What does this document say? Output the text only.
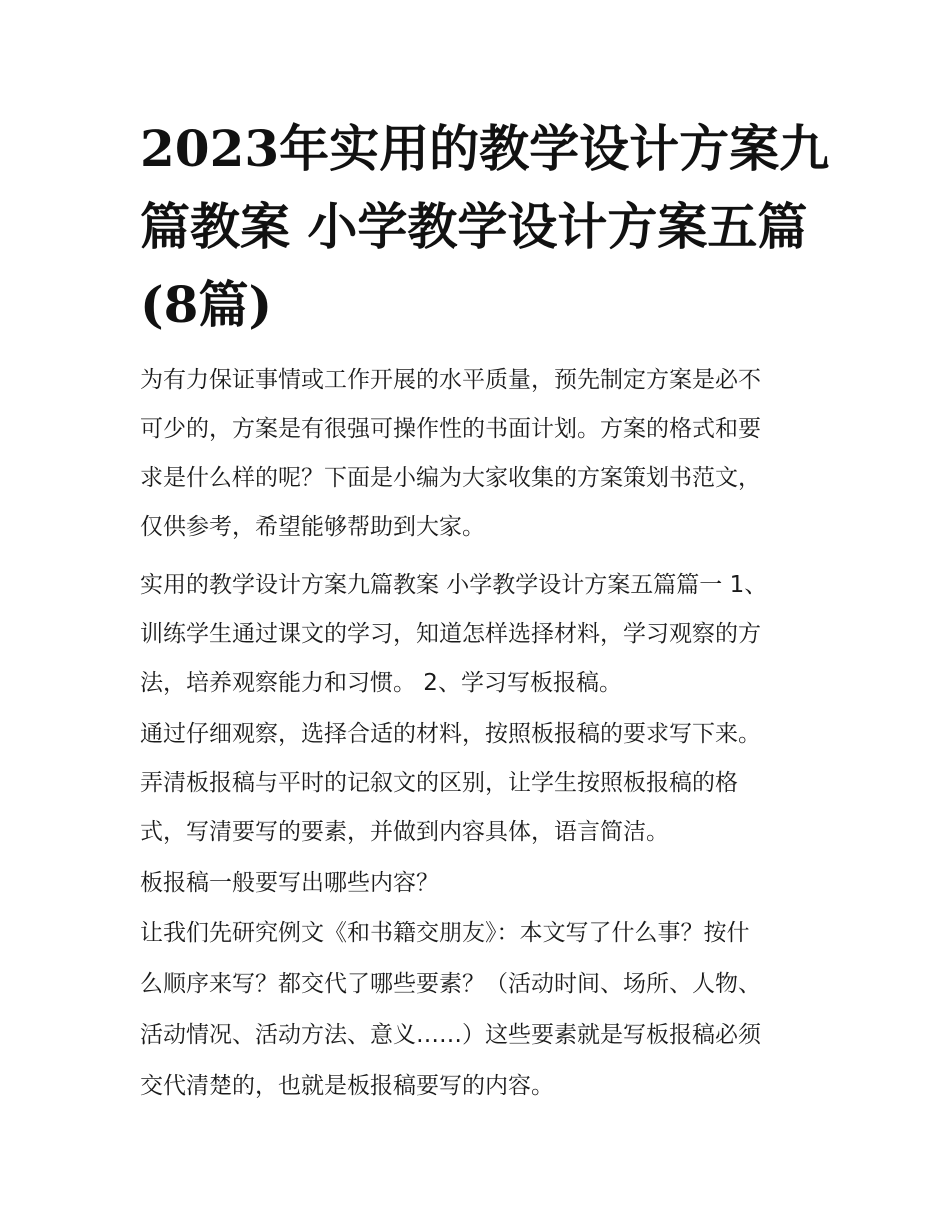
2023年实用的教学设计方案九
篇教案 小学教学设计方案五篇
(8篇)

为有力保证事情或工作开展的水平质量，预先制定方案是必不

可少的，方案是有很强可操作性的书面计划。方案的格式和要

求是什么样的呢？下面是小编为大家收集的方案策划书范文，

仅供参考，希望能够帮助到大家。

实用的教学设计方案九篇教案 小学教学设计方案五篇篇一 1、

训练学生通过课文的学习，知道怎样选择材料，学习观察的方

法，培养观察能力和习惯。 2、学习写板报稿。

通过仔细观察，选择合适的材料，按照板报稿的要求写下来。

弄清板报稿与平时的记叙文的区别，让学生按照板报稿的格

式，写清要写的要素，并做到内容具体，语言简洁。

板报稿一般要写出哪些内容？

让我们先研究例文《和书籍交朋友》：本文写了什么事？按什

么顺序来写？都交代了哪些要素？（活动时间、场所、人物、

活动情况、活动方法、意义……）这些要素就是写板报稿必须

交代清楚的，也就是板报稿要写的内容。
